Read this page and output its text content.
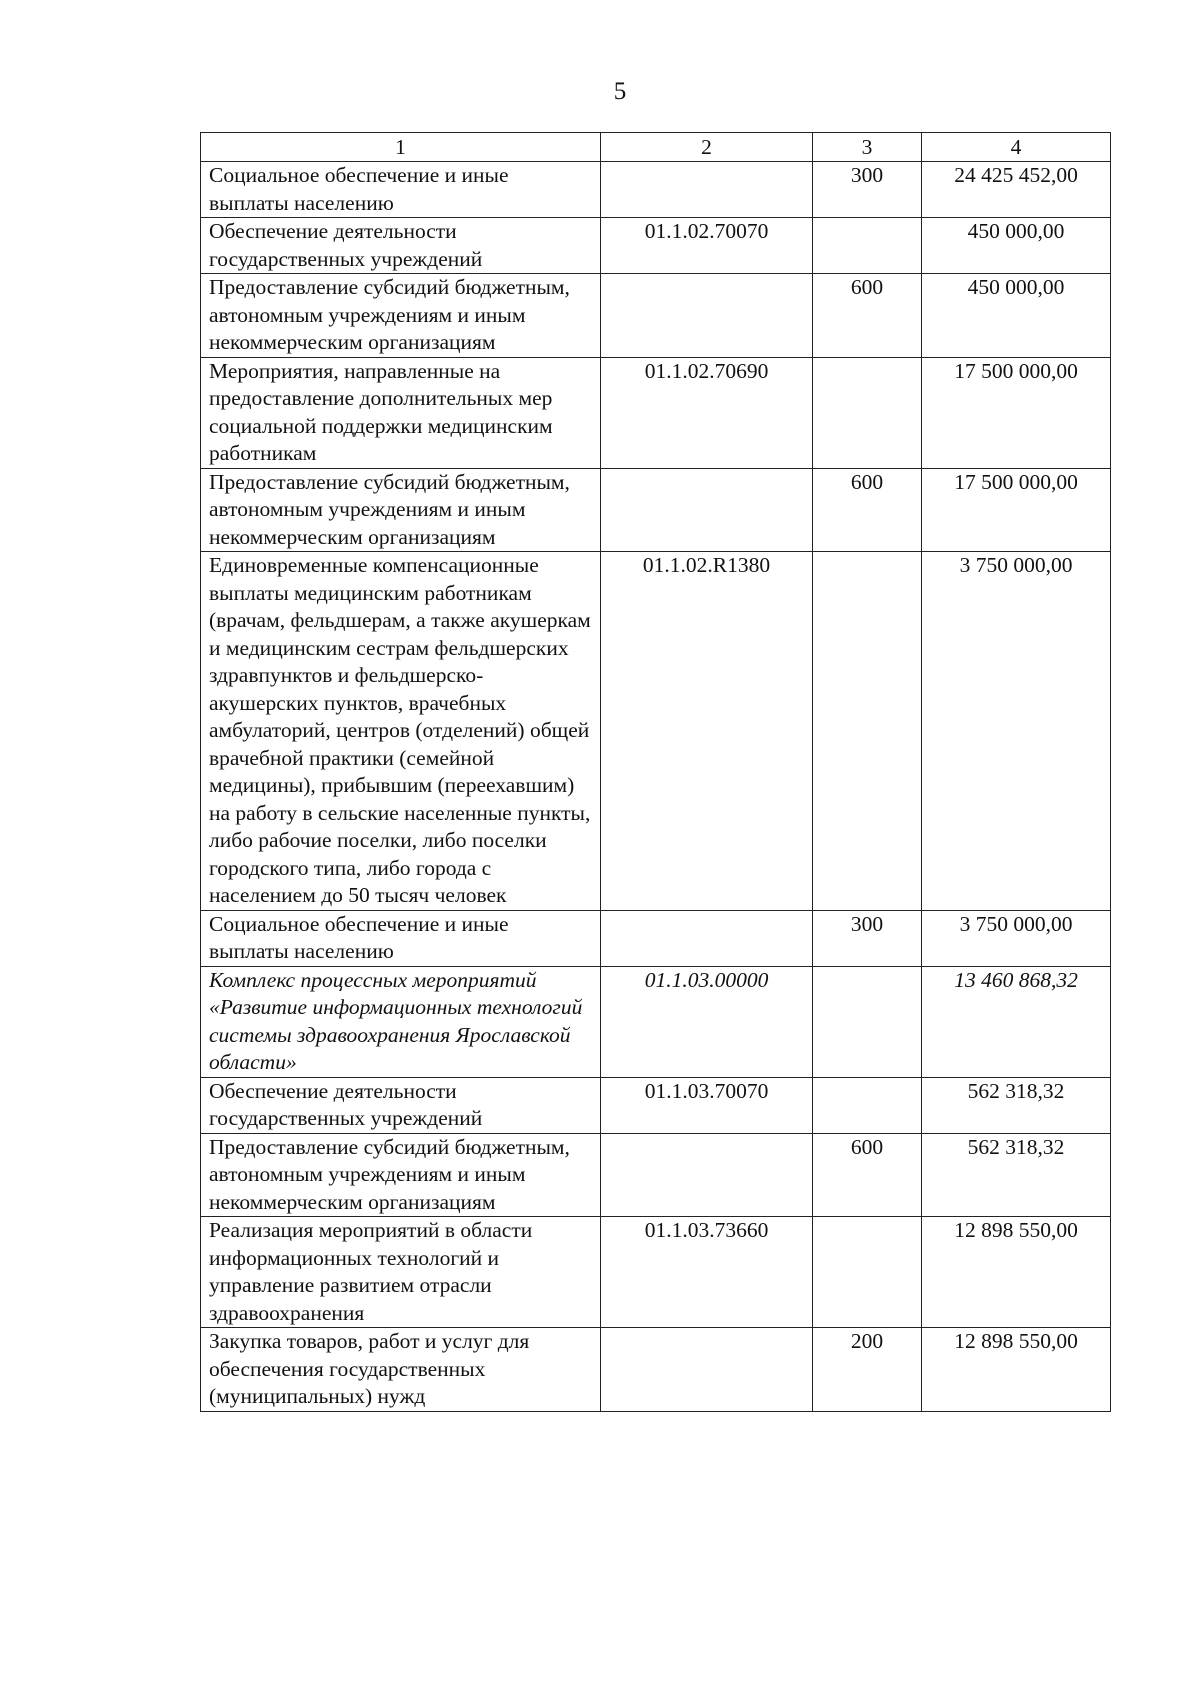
5
1	2	3	4
Социальное обеспечение и иные выплаты населению		300	24 425 452,00
Обеспечение деятельности государственных учреждений	01.1.02.70070		450 000,00
Предоставление субсидий бюджетным, автономным учреждениям и иным некоммерческим организациям		600	450 000,00
Мероприятия, направленные на предоставление дополнительных мер социальной поддержки медицинским работникам	01.1.02.70690		17 500 000,00
Предоставление субсидий бюджетным, автономным учреждениям и иным некоммерческим организациям		600	17 500 000,00
Единовременные компенсационные выплаты медицинским работникам (врачам, фельдшерам, а также акушеркам и медицинским сестрам фельдшерских здравпунктов и фельдшерско-акушерских пунктов, врачебных амбулаторий, центров (отделений) общей врачебной практики (семейной медицины), прибывшим (переехавшим) на работу в сельские населенные пункты, либо рабочие поселки, либо поселки городского типа, либо города с населением до 50 тысяч человек	01.1.02.R1380		3 750 000,00
Социальное обеспечение и иные выплаты населению		300	3 750 000,00
Комплекс процессных мероприятий «Развитие информационных технологий системы здравоохранения Ярославской области»	01.1.03.00000		13 460 868,32
Обеспечение деятельности государственных учреждений	01.1.03.70070		562 318,32
Предоставление субсидий бюджетным, автономным учреждениям и иным некоммерческим организациям		600	562 318,32
Реализация мероприятий в области информационных технологий и управление развитием отрасли здравоохранения	01.1.03.73660		12 898 550,00
Закупка товаров, работ и услуг для обеспечения государственных (муниципальных) нужд		200	12 898 550,00
